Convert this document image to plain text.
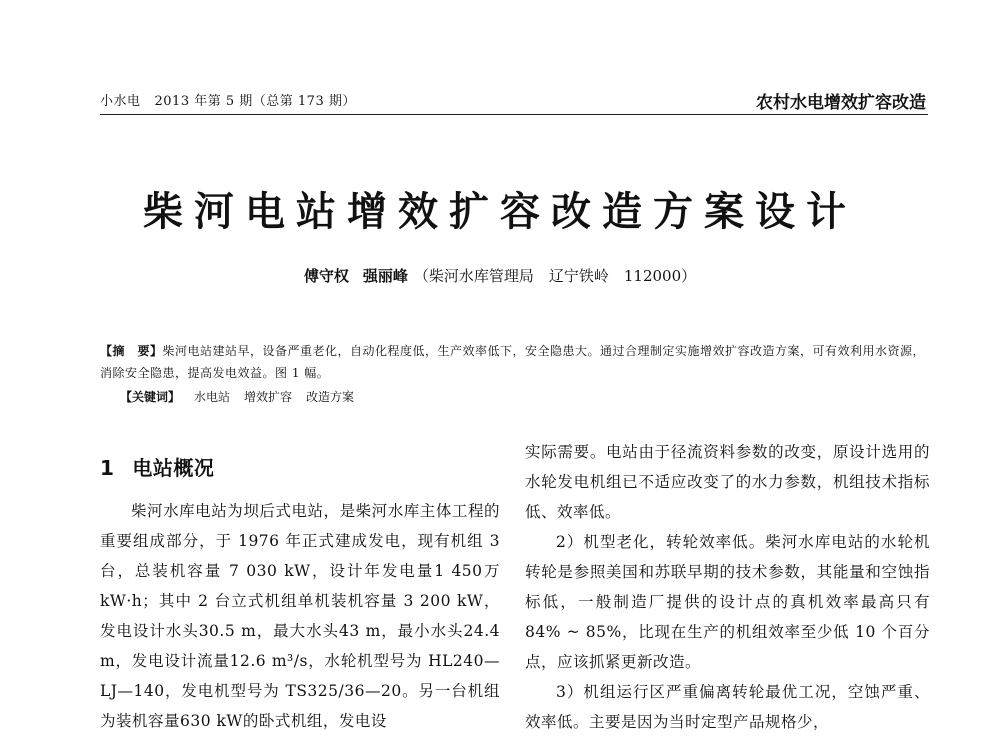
小水电 2013 年第 5 期（总第 173 期）	农村水电增效扩容改造
柴河电站增效扩容改造方案设计
傅守权 强丽峰 （柴河水库管理局　辽宁铁岭　112000）
【摘　要】柴河电站建站早，设备严重老化，自动化程度低，生产效率低下，安全隐患大。通过合理制定实施增效扩容改造方案，可有效利用水资源，消除安全隐患，提高发电效益。图 1 幅。
【关键词】 水电站 增效扩容 改造方案
1 电站概况

柴河水库电站为坝后式电站，是柴河水库主体工程的重要组成部分，于 1976 年正式建成发电，现有机组 3 台，总装机容量 7 030 kW，设计年发电量1 450万 kW·h；其中 2 台立式机组单机装机容量 3 200 kW，发电设计水头30.5 m，最大水头43 m，最小水头24.4 m，发电设计流量12.6 m³/s，水轮机型号为 HL240—LJ—140，发电机型号为 TS325/36—20。另一台机组为装机容量630 kW的卧式机组，发电设

实际需要。电站由于径流资料参数的改变，原设计选用的水轮发电机组已不适应改变了的水力参数，机组技术指标低、效率低。

2）机型老化，转轮效率低。柴河水库电站的水轮机转轮是参照美国和苏联早期的技术参数，其能量和空蚀指标低，一般制造厂提供的设计点的真机效率最高只有 84% ~ 85%，比现在生产的机组效率至少低 10 个百分点，应该抓紧更新改造。

3）机组运行区严重偏离转轮最优工况，空蚀严重、效率低。主要是因为当时定型产品规格少，
